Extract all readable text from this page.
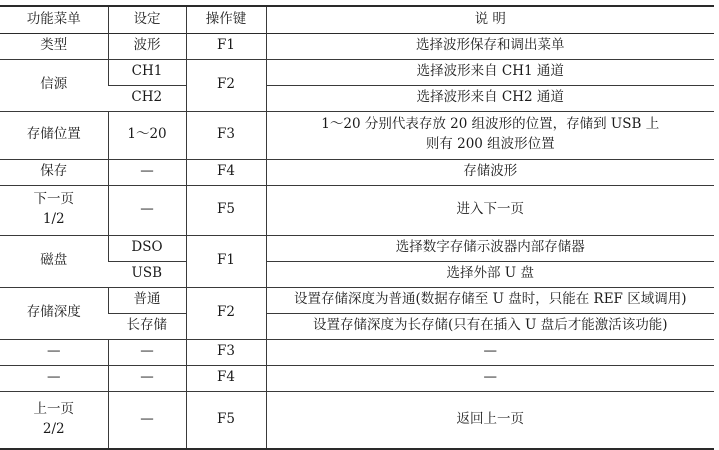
功能菜单	设定	操作键	说 明
类型	波形	F1	选择波形保存和调出菜单
信源	CH1	F2	选择波形来自 CH1 通道
	CH2		选择波形来自 CH2 通道
存储位置	1～20	F3	1～20 分别代表存放 20 组波形的位置，存储到 USB 上
则有 200 组波形位置

保存	—	F4	存储波形

下一页
1/2	—	F5	进入下一页
磁盘	DSO	F1	选择数字存储示波器内部存储器
	USB		选择外部 U 盘
存储深度	普通	F2	设置存储深度为普通(数据存储至 U 盘时，只能在 REF 区域调用)
	长存储		设置存储深度为长存储(只有在插入 U 盘后才能激活该功能)
—	—	F3	—
—	—	F4	—

上一页
2/2	—	F5	返回上一页
